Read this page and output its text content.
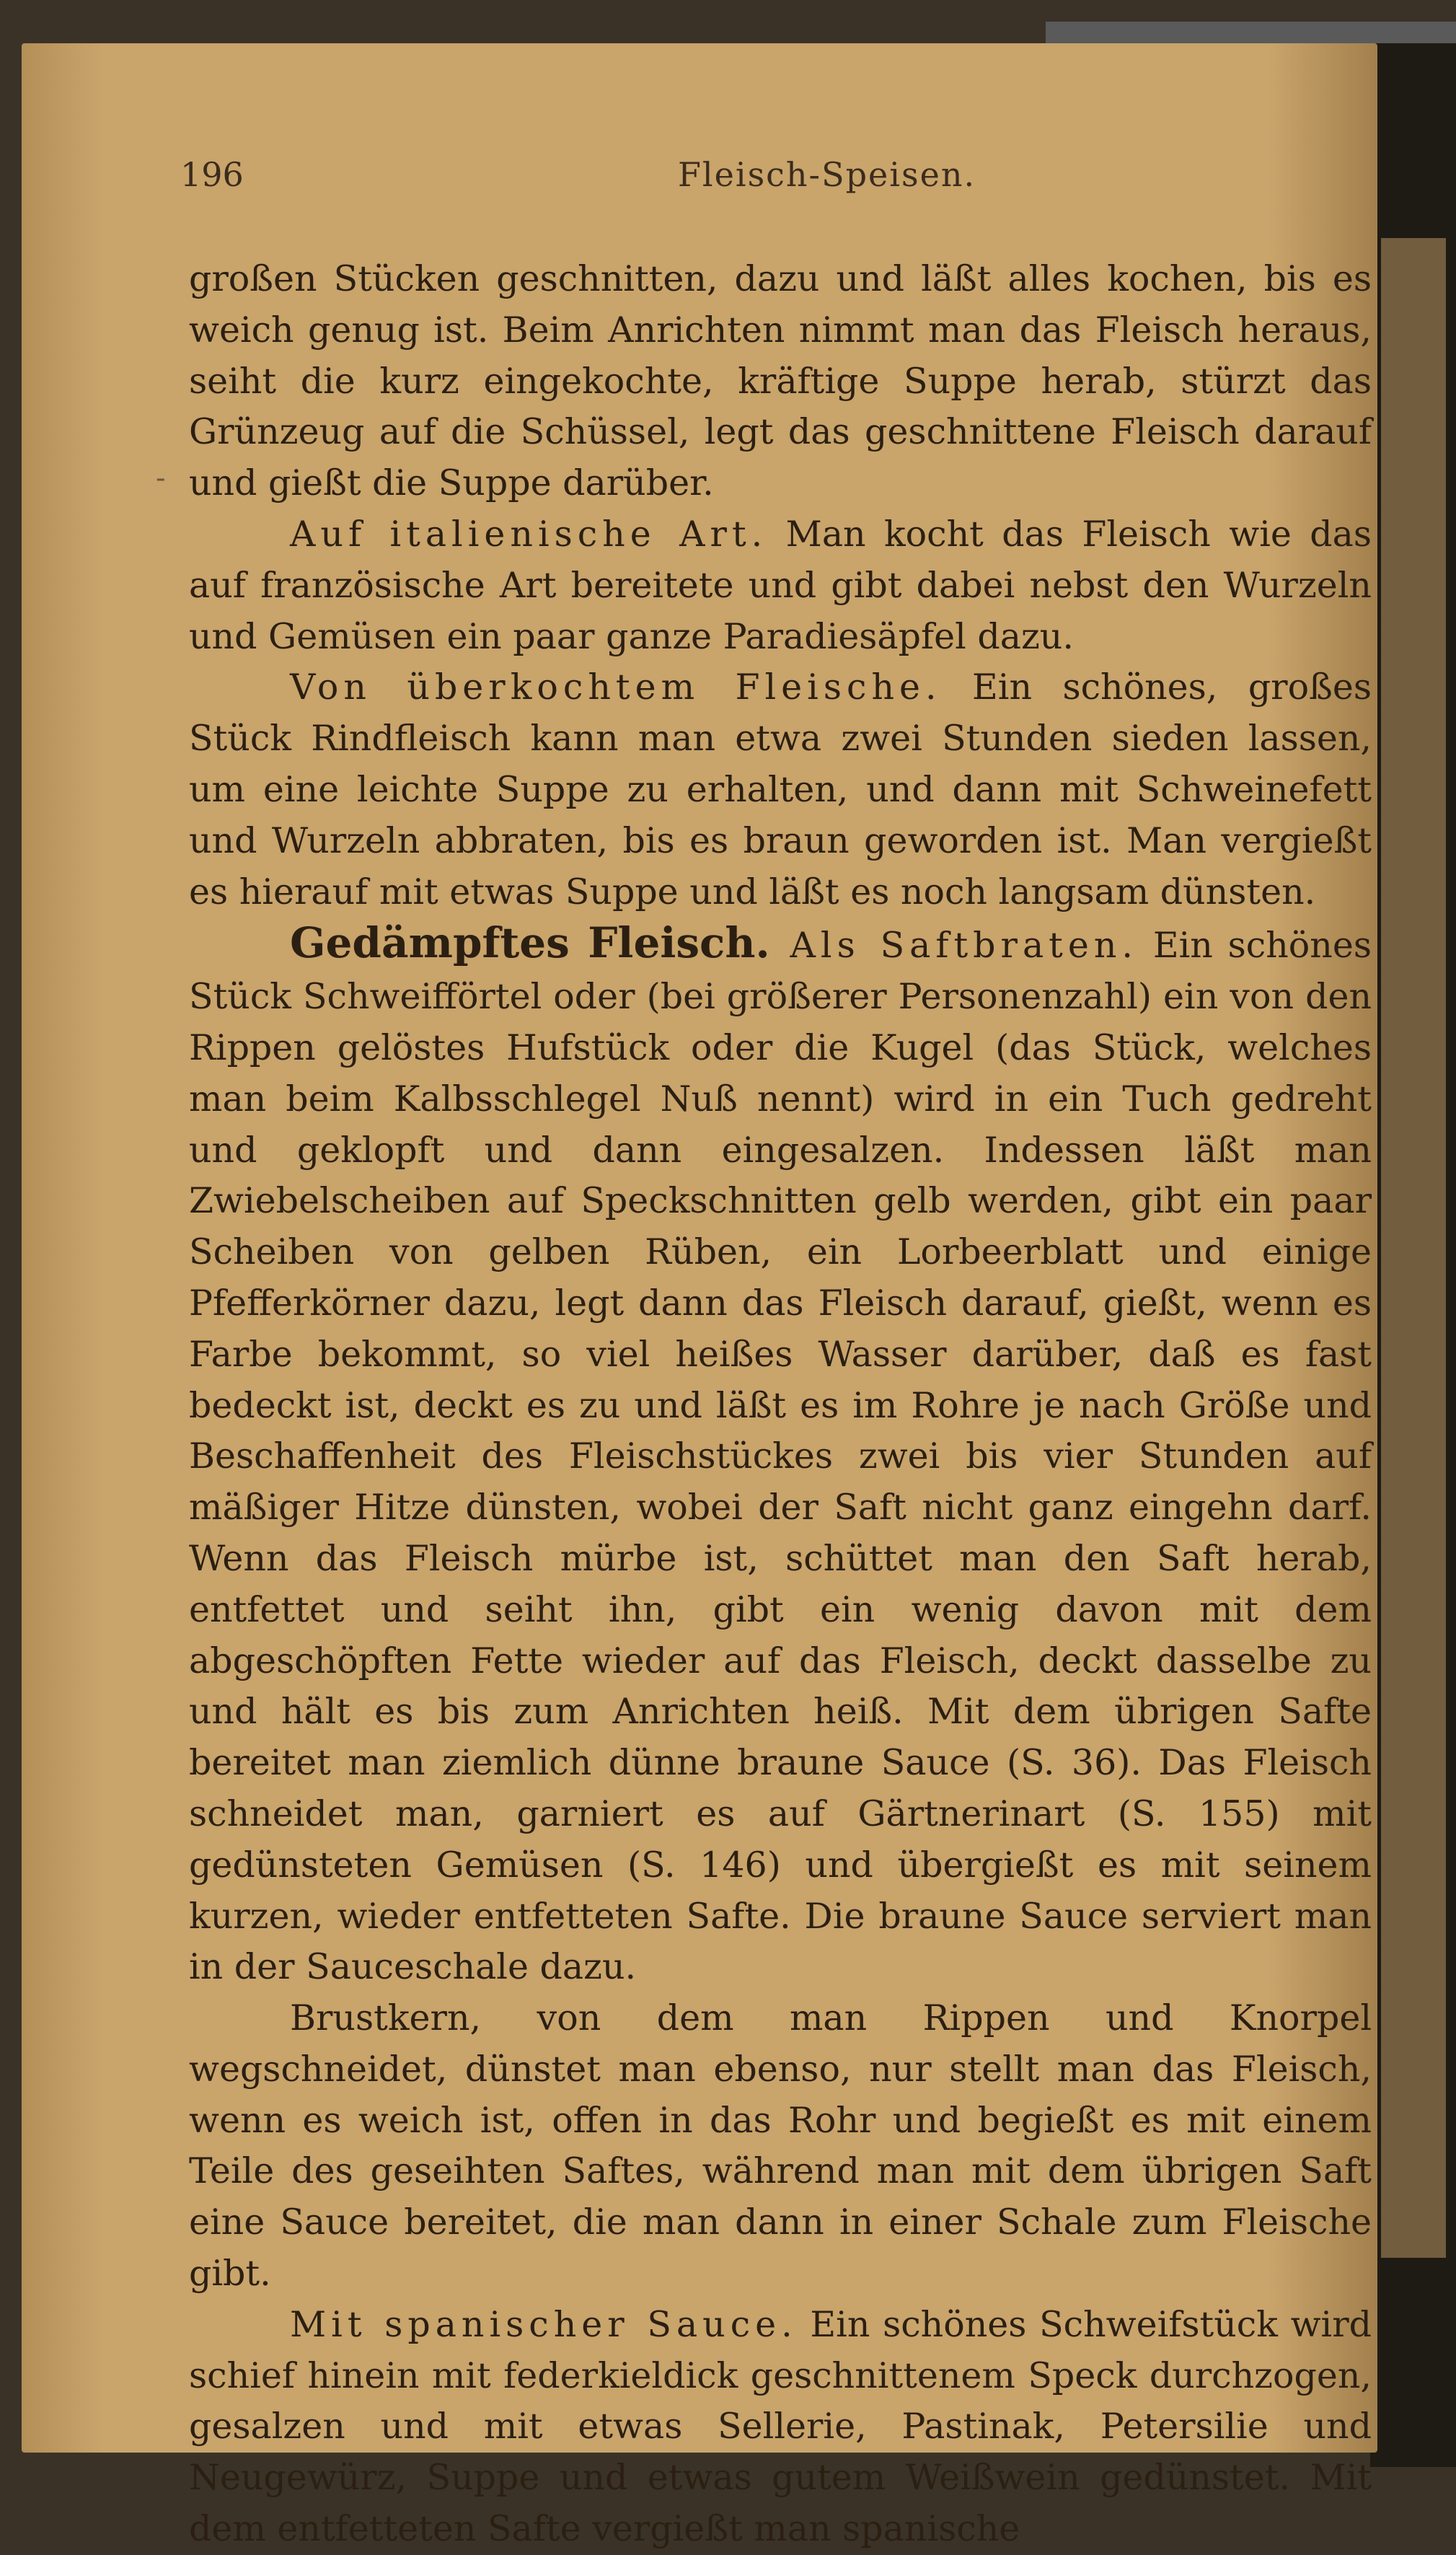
196	Fleisch-Speisen.
-

großen Stücken geschnitten, dazu und läßt alles kochen, bis es weich genug ist. Beim Anrichten nimmt man das Fleisch heraus, seiht die kurz eingekochte, kräftige Suppe herab, stürzt das Grünzeug auf die Schüssel, legt das geschnittene Fleisch darauf und gießt die Suppe darüber.

Auf italienische Art. Man kocht das Fleisch wie das auf französische Art bereitete und gibt dabei nebst den Wurzeln und Gemüsen ein paar ganze Paradiesäpfel dazu.

Von überkochtem Fleische. Ein schönes, großes Stück Rindfleisch kann man etwa zwei Stunden sieden lassen, um eine leichte Suppe zu erhalten, und dann mit Schweinefett und Wurzeln abbraten, bis es braun geworden ist. Man vergießt es hierauf mit etwas Suppe und läßt es noch langsam dünsten.

Gedämpftes Fleisch. Als Saftbraten. Ein schönes Stück Schweifförtel oder (bei größerer Personenzahl) ein von den Rippen gelöstes Hufstück oder die Kugel (das Stück, welches man beim Kalbsschlegel Nuß nennt) wird in ein Tuch gedreht und geklopft und dann eingesalzen. Indessen läßt man Zwiebelscheiben auf Speckschnitten gelb werden, gibt ein paar Scheiben von gelben Rüben, ein Lorbeerblatt und einige Pfefferkörner dazu, legt dann das Fleisch darauf, gießt, wenn es Farbe bekommt, so viel heißes Wasser darüber, daß es fast bedeckt ist, deckt es zu und läßt es im Rohre je nach Größe und Beschaffenheit des Fleischstückes zwei bis vier Stunden auf mäßiger Hitze dünsten, wobei der Saft nicht ganz eingehn darf. Wenn das Fleisch mürbe ist, schüttet man den Saft herab, entfettet und seiht ihn, gibt ein wenig davon mit dem abgeschöpften Fette wieder auf das Fleisch, deckt dasselbe zu und hält es bis zum Anrichten heiß. Mit dem übrigen Safte bereitet man ziemlich dünne braune Sauce (S. 36). Das Fleisch schneidet man, garniert es auf Gärtnerinart (S. 155) mit gedünsteten Gemüsen (S. 146) und übergießt es mit seinem kurzen, wieder entfetteten Safte. Die braune Sauce serviert man in der Sauceschale dazu.

Brustkern, von dem man Rippen und Knorpel wegschneidet, dünstet man ebenso, nur stellt man das Fleisch, wenn es weich ist, offen in das Rohr und begießt es mit einem Teile des geseihten Saftes, während man mit dem übrigen Saft eine Sauce bereitet, die man dann in einer Schale zum Fleische gibt.

Mit spanischer Sauce. Ein schönes Schweifstück wird schief hinein mit federkieldick geschnittenem Speck durchzogen, gesalzen und mit etwas Sellerie, Pastinak, Petersilie und Neugewürz, Suppe und etwas gutem Weißwein gedünstet. Mit dem entfetteten Safte vergießt man spanische
